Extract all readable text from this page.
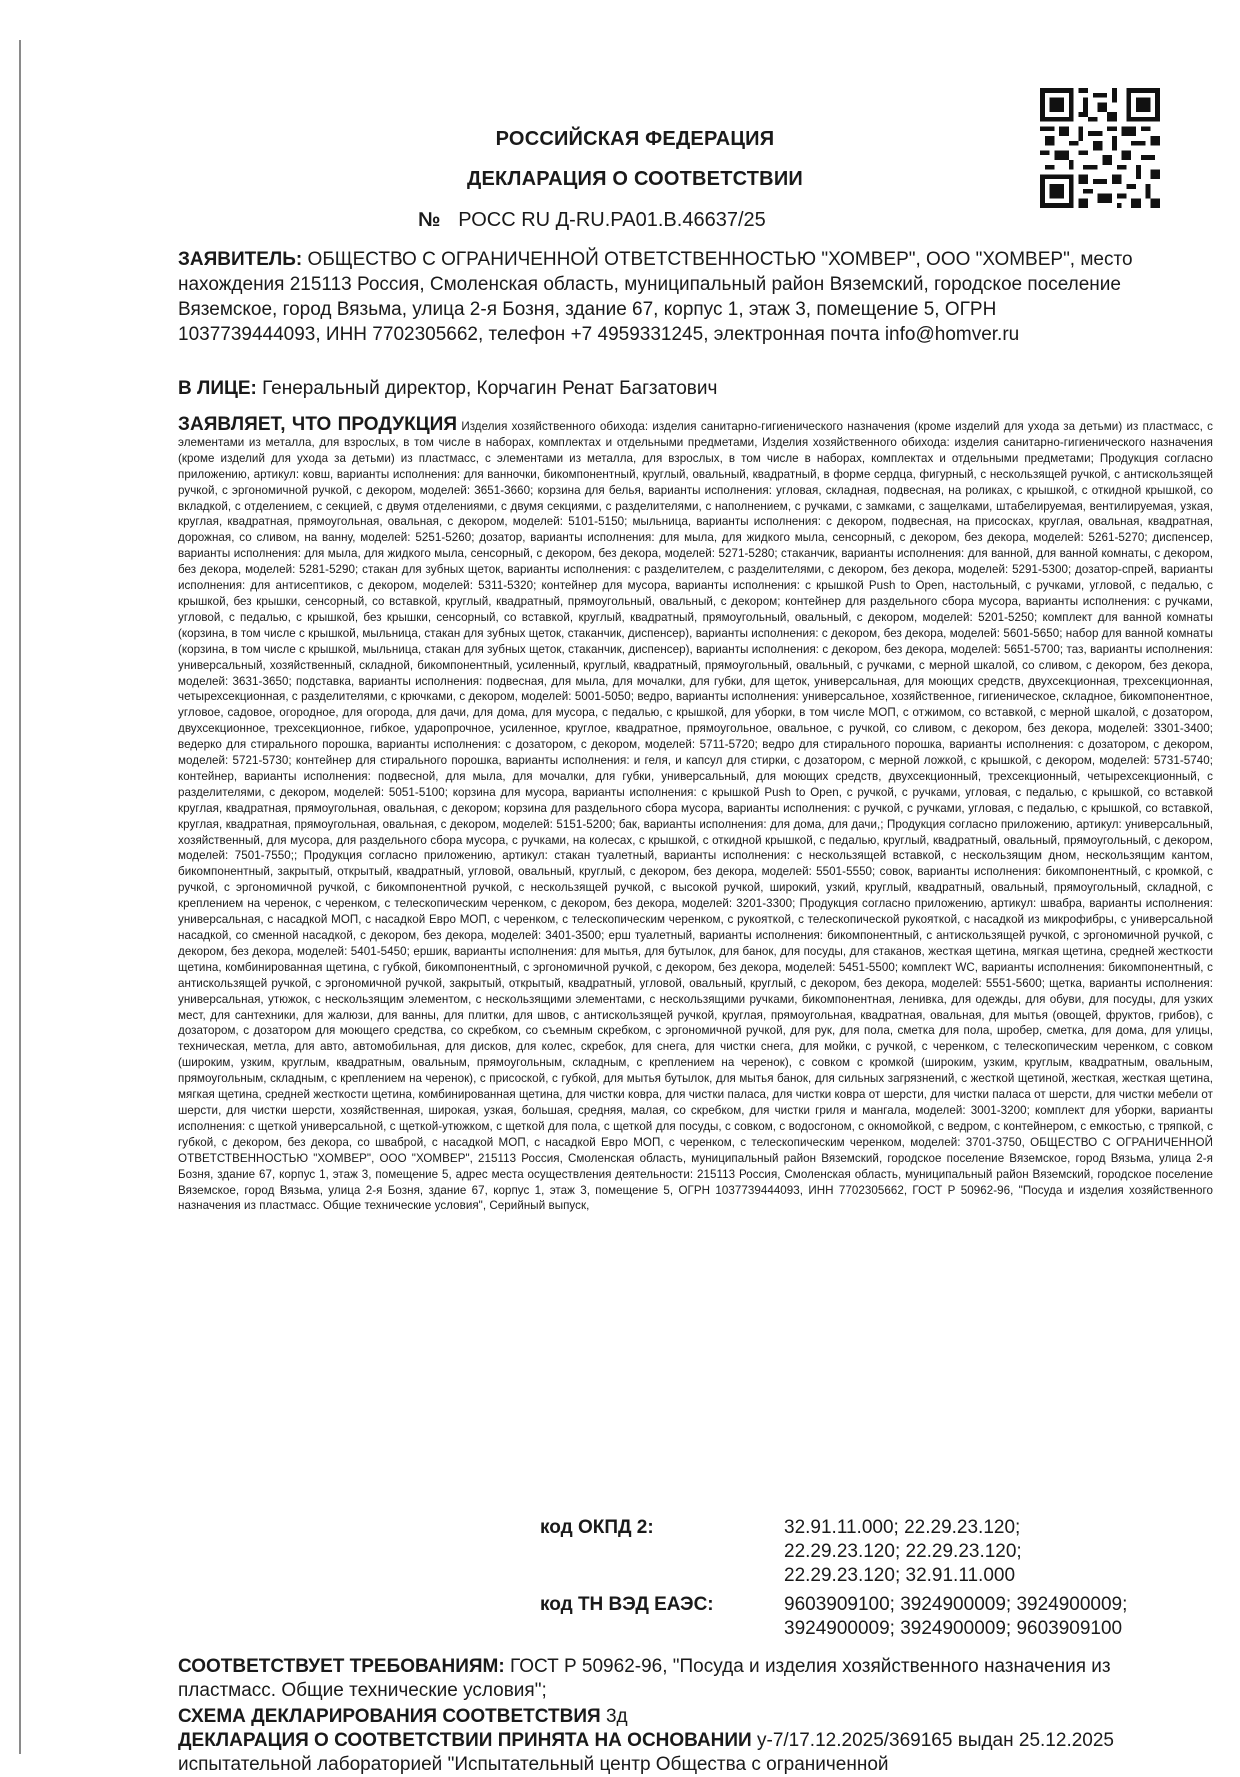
РОССИЙСКАЯ ФЕДЕРАЦИЯ
ДЕКЛАРАЦИЯ О СООТВЕТСТВИИ
№ РОСС RU Д-RU.РА01.В.46637/25
ЗАЯВИТЕЛЬ: ОБЩЕСТВО С ОГРАНИЧЕННОЙ ОТВЕТСТВЕННОСТЬЮ "ХОМВЕР", ООО "ХОМВЕР", место нахождения 215113 Россия, Смоленская область, муниципальный район Вяземский, городское поселение Вяземское, город Вязьма, улица 2-я Бозня, здание 67, корпус 1, этаж 3, помещение 5, ОГРН 1037739444093, ИНН 7702305662, телефон +7 4959331245, электронная почта info@homver.ru
В ЛИЦЕ: Генеральный директор, Корчагин Ренат Багзатович
ЗАЯВЛЯЕТ, ЧТО ПРОДУКЦИЯ Изделия хозяйственного обихода: изделия санитарно-гигиенического назначения (кроме изделий для ухода за детьми) из пластмасс, с элементами из металла, для взрослых, в том числе в наборах, комплектах и отдельными предметами, Изделия хозяйственного обихода: изделия санитарно-гигиенического назначения (кроме изделий для ухода за детьми) из пластмасс, с элементами из металла, для взрослых, в том числе в наборах, комплектах и отдельными предметами; Продукция согласно приложению, артикул: ковш, варианты исполнения: для ванночки, бикомпонентный, круглый, овальный, квадратный, в форме сердца, фигурный, с нескользящей ручкой, с антискользящей ручкой, с эргономичной ручкой, с декором, моделей: 3651-3660; корзина для белья, варианты исполнения: угловая, складная, подвесная, на роликах, с крышкой, с откидной крышкой, со вкладкой, с отделением, с секцией, с двумя отделениями, с двумя секциями, с разделителями, с наполнением, с ручками, с замками, с защелками, штабелируемая, вентилируемая, узкая, круглая, квадратная, прямоугольная, овальная, с декором, моделей: 5101-5150; мыльница, варианты исполнения: с декором, подвесная, на присосках, круглая, овальная, квадратная, дорожная, со сливом, на ванну, моделей: 5251-5260; дозатор, варианты исполнения: для мыла, для жидкого мыла, сенсорный, с декором, без декора, моделей: 5261-5270; диспенсер, варианты исполнения: для мыла, для жидкого мыла, сенсорный, с декором, без декора, моделей: 5271-5280; стаканчик, варианты исполнения: для ванной, для ванной комнаты, с декором, без декора, моделей: 5281-5290; стакан для зубных щеток, варианты исполнения: с разделителем, с разделителями, с декором, без декора, моделей: 5291-5300; дозатор-спрей, варианты исполнения: для антисептиков, с декором, моделей: 5311-5320; контейнер для мусора, варианты исполнения: с крышкой Push to Open, настольный, с ручками, угловой, с педалью, с крышкой, без крышки, сенсорный, со вставкой, круглый, квадратный, прямоугольный, овальный, с декором; контейнер для раздельного сбора мусора, варианты исполнения: с ручками, угловой, с педалью, с крышкой, без крышки, сенсорный, со вставкой, круглый, квадратный, прямоугольный, овальный, с декором, моделей: 5201-5250; комплект для ванной комнаты (корзина, в том числе с крышкой, мыльница, стакан для зубных щеток, стаканчик, диспенсер), варианты исполнения: с декором, без декора, моделей: 5601-5650; набор для ванной комнаты (корзина, в том числе с крышкой, мыльница, стакан для зубных щеток, стаканчик, диспенсер), варианты исполнения: с декором, без декора, моделей: 5651-5700; таз, варианты исполнения: универсальный, хозяйственный, складной, бикомпонентный, усиленный, круглый, квадратный, прямоугольный, овальный, с ручками, с мерной шкалой, со сливом, с декором, без декора, моделей: 3631-3650; подставка, варианты исполнения: подвесная, для мыла, для мочалки, для губки, для щеток, универсальная, для моющих средств, двухсекционная, трехсекционная, четырехсекционная, с разделителями, с крючками, с декором, моделей: 5001-5050; ведро, варианты исполнения: универсальное, хозяйственное, гигиеническое, складное, бикомпонентное, угловое, садовое, огородное, для огорода, для дачи, для дома, для мусора, с педалью, с крышкой, для уборки, в том числе МОП, с отжимом, со вставкой, с мерной шкалой, с дозатором, двухсекционное, трехсекционное, гибкое, ударопрочное, усиленное, круглое, квадратное, прямоугольное, овальное, с ручкой, со сливом, с декором, без декора, моделей: 3301-3400; ведерко для стирального порошка, варианты исполнения: с дозатором, с декором, моделей: 5711-5720; ведро для стирального порошка, варианты исполнения: с дозатором, с декором, моделей: 5721-5730; контейнер для стирального порошка, варианты исполнения: и геля, и капсул для стирки, с дозатором, с мерной ложкой, с крышкой, с декором, моделей: 5731-5740; контейнер, варианты исполнения: подвесной, для мыла, для мочалки, для губки, универсальный, для моющих средств, двухсекционный, трехсекционный, четырехсекционный, с разделителями, с декором, моделей: 5051-5100; корзина для мусора, варианты исполнения: с крышкой Push to Open, с ручкой, с ручками, угловая, с педалью, с крышкой, со вставкой круглая, квадратная, прямоугольная, овальная, с декором; корзина для раздельного сбора мусора, варианты исполнения: с ручкой, с ручками, угловая, с педалью, с крышкой, со вставкой, круглая, квадратная, прямоугольная, овальная, с декором, моделей: 5151-5200; бак, варианты исполнения: для дома, для дачи,; Продукция согласно приложению, артикул: универсальный, хозяйственный, для мусора, для раздельного сбора мусора, с ручками, на колесах, с крышкой, с откидной крышкой, с педалью, круглый, квадратный, овальный, прямоугольный, с декором, моделей: 7501-7550;; Продукция согласно приложению, артикул: стакан туалетный, варианты исполнения: с нескользящей вставкой, с нескользящим дном, нескользящим кантом, бикомпонентный, закрытый, открытый, квадратный, угловой, овальный, круглый, с декором, без декора, моделей: 5501-5550; совок, варианты исполнения: бикомпонентный, с кромкой, с ручкой, с эргономичной ручкой, с бикомпонентной ручкой, с нескользящей ручкой, с высокой ручкой, широкий, узкий, круглый, квадратный, овальный, прямоугольный, складной, с креплением на черенок, с черенком, с телескопическим черенком, с декором, без декора, моделей: 3201-3300; Продукция согласно приложению, артикул: швабра, варианты исполнения: универсальная, с насадкой МОП, с насадкой Евро МОП, с черенком, с телескопическим черенком, с рукояткой, с телескопической рукояткой, с насадкой из микрофибры, с универсальной насадкой, со сменной насадкой, с декором, без декора, моделей: 3401-3500; ерш туалетный, варианты исполнения: бикомпонентный, с антискользящей ручкой, с эргономичной ручкой, с декором, без декора, моделей: 5401-5450; ершик, варианты исполнения: для мытья, для бутылок, для банок, для посуды, для стаканов, жесткая щетина, мягкая щетина, средней жесткости щетина, комбинированная щетина, с губкой, бикомпонентный, с эргономичной ручкой, с декором, без декора, моделей: 5451-5500; комплект WC, варианты исполнения: бикомпонентный, с антискользящей ручкой, с эргономичной ручкой, закрытый, открытый, квадратный, угловой, овальный, круглый, с декором, без декора, моделей: 5551-5600; щетка, варианты исполнения: универсальная, утюжок, с нескользящим элементом, с нескользящими элементами, с нескользящими ручками, бикомпонентная, ленивка, для одежды, для обуви, для посуды, для узких мест, для сантехники, для жалюзи, для ванны, для плитки, для швов, с антискользящей ручкой, круглая, прямоугольная, квадратная, овальная, для мытья (овощей, фруктов, грибов), с дозатором, с дозатором для моющего средства, со скребком, со съемным скребком, с эргономичной ручкой, для рук, для пола, сметка для пола, шробер, сметка, для дома, для улицы, техническая, метла, для авто, автомобильная, для дисков, для колес, скребок, для снега, для чистки снега, для мойки, с ручкой, с черенком, с телескопическим черенком, с совком (широким, узким, круглым, квадратным, овальным, прямоугольным, складным, с креплением на черенок), с совком с кромкой (широким, узким, круглым, квадратным, овальным, прямоугольным, складным, с креплением на черенок), с присоской, с губкой, для мытья бутылок, для мытья банок, для сильных загрязнений, с жесткой щетиной, жесткая, жесткая щетина, мягкая щетина, средней жесткости щетина, комбинированная щетина, для чистки ковра, для чистки паласа, для чистки ковра от шерсти, для чистки паласа от шерсти, для чистки мебели от шерсти, для чистки шерсти, хозяйственная, широкая, узкая, большая, средняя, малая, со скребком, для чистки гриля и мангала, моделей: 3001-3200; комплект для уборки, варианты исполнения: с щеткой универсальной, с щеткой-утюжком, с щеткой для пола, с щеткой для посуды, с совком, с водосгоном, с окномойкой, с ведром, с контейнером, с емкостью, с тряпкой, с губкой, с декором, без декора, со шваброй, с насадкой МОП, с насадкой Евро МОП, с черенком, с телескопическим черенком, моделей: 3701-3750, ОБЩЕСТВО С ОГРАНИЧЕННОЙ ОТВЕТСТВЕННОСТЬЮ "ХОМВЕР", ООО "ХОМВЕР", 215113 Россия, Смоленская область, муниципальный район Вяземский, городское поселение Вяземское, город Вязьма, улица 2-я Бозня, здание 67, корпус 1, этаж 3, помещение 5, адрес места осуществления деятельности: 215113 Россия, Смоленская область, муниципальный район Вяземский, городское поселение Вяземское, город Вязьма, улица 2-я Бозня, здание 67, корпус 1, этаж 3, помещение 5, ОГРН 1037739444093, ИНН 7702305662, ГОСТ Р 50962-96, "Посуда и изделия хозяйственного назначения из пластмасс. Общие технические условия", Серийный выпуск,
код ОКПД 2:	32.91.11.000; 22.29.23.120;
22.29.23.120; 22.29.23.120;
22.29.23.120; 32.91.11.000
код ТН ВЭД ЕАЭС:	9603909100; 3924900009; 3924900009;
3924900009; 3924900009; 9603909100
СООТВЕТСТВУЕТ ТРЕБОВАНИЯМ: ГОСТ Р 50962-96, "Посуда и изделия хозяйственного назначения из пластмасс. Общие технические условия";
СХЕМА ДЕКЛАРИРОВАНИЯ СООТВЕТСТВИЯ 3д
ДЕКЛАРАЦИЯ О СООТВЕТСТВИИ ПРИНЯТА НА ОСНОВАНИИ у-7/17.12.2025/369165 выдан 25.12.2025 испытательной лабораторией "Испытательный центр Общества с ограниченной
